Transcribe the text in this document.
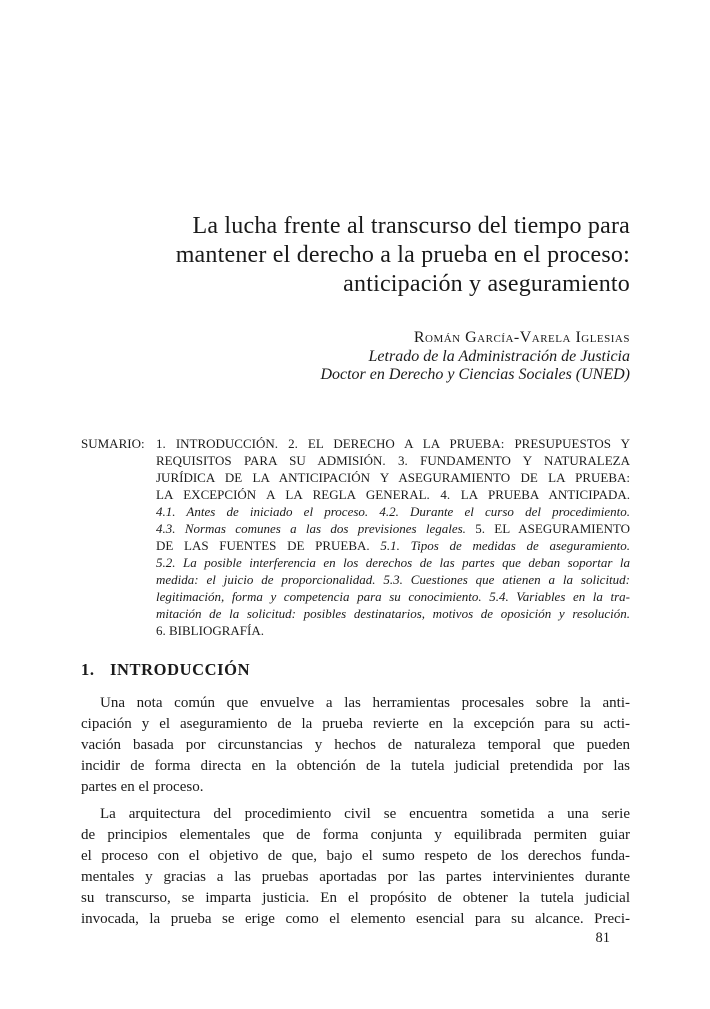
La lucha frente al transcurso del tiempo para
mantener el derecho a la prueba en el proceso:
anticipación y aseguramiento
Román García-Varela Iglesias
Letrado de la Administración de Justicia
Doctor en Derecho y Ciencias Sociales (UNED)
SUMARIO: 1. INTRODUCCIÓN. 2. EL DERECHO A LA PRUEBA: PRESUPUESTOS Y
REQUISITOS PARA SU ADMISIÓN. 3. FUNDAMENTO Y NATURALEZA
JURÍDICA DE LA ANTICIPACIÓN Y ASEGURAMIENTO DE LA PRUEBA:
LA EXCEPCIÓN A LA REGLA GENERAL. 4. LA PRUEBA ANTICIPADA.
4.1. Antes de iniciado el proceso. 4.2. Durante el curso del procedimiento.
4.3. Normas comunes a las dos previsiones legales. 5. EL ASEGURAMIENTO
DE LAS FUENTES DE PRUEBA. 5.1. Tipos de medidas de aseguramiento.
5.2. La posible interferencia en los derechos de las partes que deban soportar la
medida: el juicio de proporcionalidad. 5.3. Cuestiones que atienen a la solicitud:
legitimación, forma y competencia para su conocimiento. 5.4. Variables en la tra-
mitación de la solicitud: posibles destinatarios, motivos de oposición y resolución.
6. BIBLIOGRAFÍA.
1. INTRODUCCIÓN
Una nota común que envuelve a las herramientas procesales sobre la anti-
cipación y el aseguramiento de la prueba revierte en la excepción para su acti-
vación basada por circunstancias y hechos de naturaleza temporal que pueden
incidir de forma directa en la obtención de la tutela judicial pretendida por las
partes en el proceso.
La arquitectura del procedimiento civil se encuentra sometida a una serie
de principios elementales que de forma conjunta y equilibrada permiten guiar
el proceso con el objetivo de que, bajo el sumo respeto de los derechos funda-
mentales y gracias a las pruebas aportadas por las partes intervinientes durante
su transcurso, se imparta justicia. En el propósito de obtener la tutela judicial
invocada, la prueba se erige como el elemento esencial para su alcance. Preci-
81
